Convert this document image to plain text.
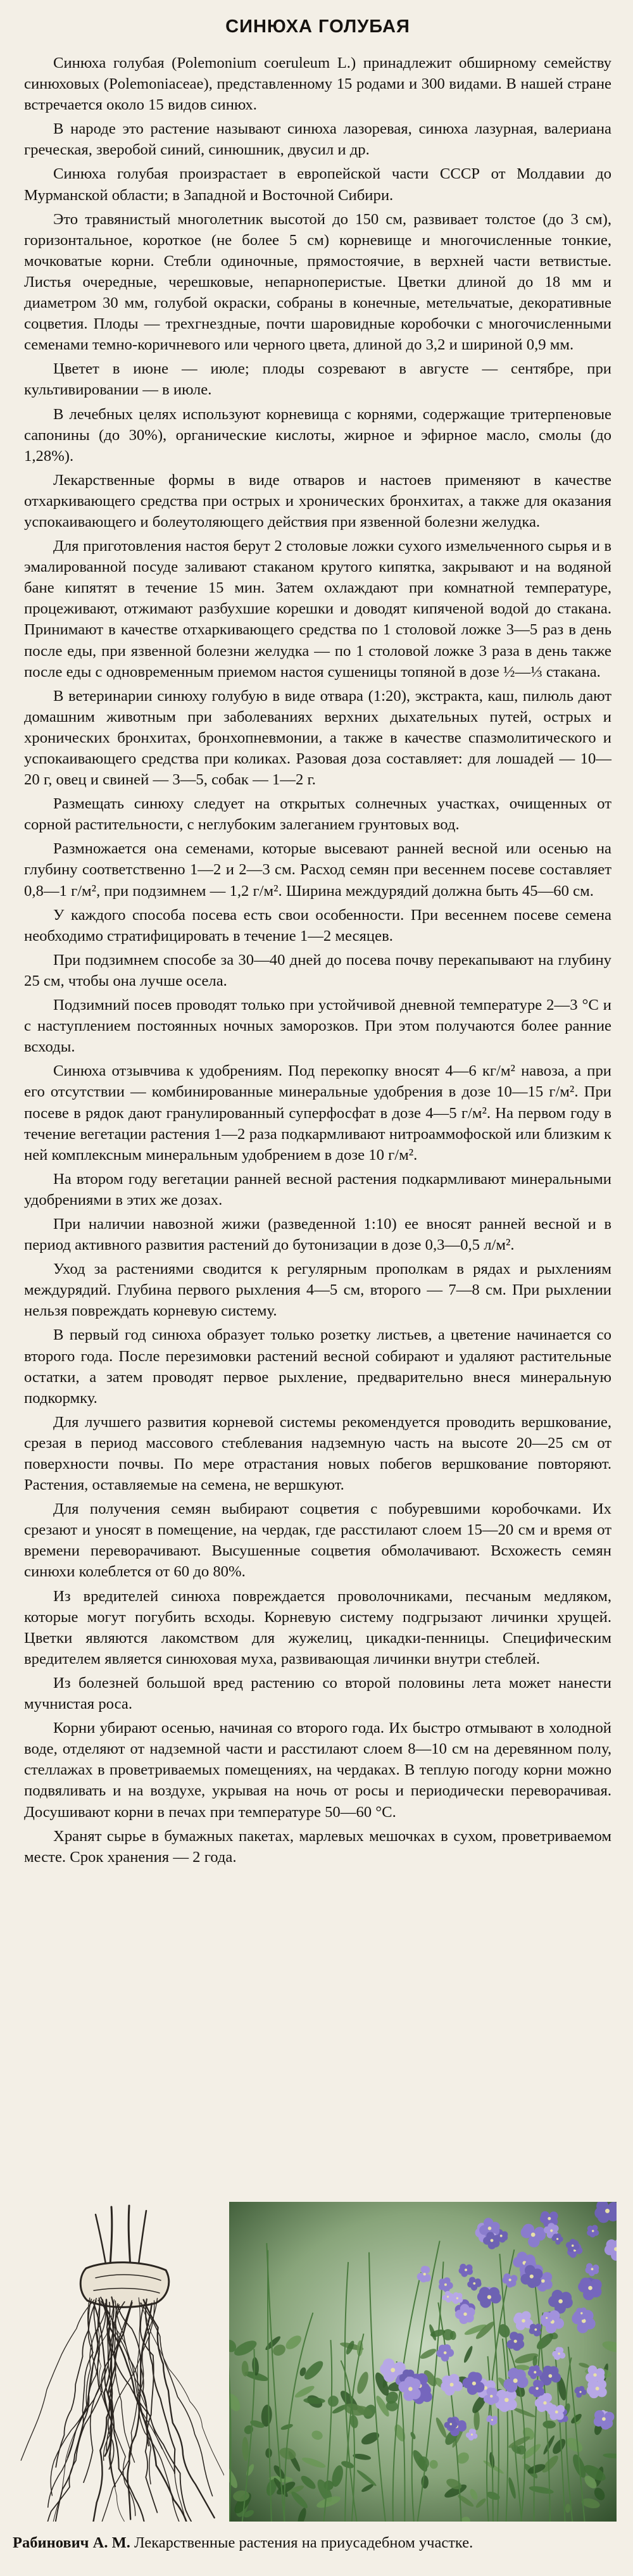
СИНЮХА ГОЛУБАЯ

Синюха голубая (Polemonium coeruleum L.) принадлежит обширному семейству синюховых (Polemoniaceae), представленному 15 родами и 300 видами. В нашей стране встречается около 15 видов синюх.

В народе это растение называют синюха лазоревая, синюха лазурная, валериана греческая, зверобой синий, синюшник, двусил и др.

Синюха голубая произрастает в европейской части СССР от Молдавии до Мурманской области; в Западной и Восточной Сибири.

Это травянистый многолетник высотой до 150 см, развивает толстое (до 3 см), горизонтальное, короткое (не более 5 см) корневище и многочисленные тонкие, мочковатые корни. Стебли одиночные, прямостоячие, в верхней части ветвистые. Листья очередные, черешковые, непарноперистые. Цветки длиной до 18 мм и диаметром 30 мм, голубой окраски, собраны в конечные, метельчатые, декоративные соцветия. Плоды — трехгнездные, почти шаровидные коробочки с многочисленными семенами темно-коричневого или черного цвета, длиной до 3,2 и шириной 0,9 мм.

Цветет в июне — июле; плоды созревают в августе — сентябре, при культивировании — в июле.

В лечебных целях используют корневища с корнями, содержащие тритерпеновые сапонины (до 30%), органические кислоты, жирное и эфирное масло, смолы (до 1,28%).

Лекарственные формы в виде отваров и настоев применяют в качестве отхаркивающего средства при острых и хронических бронхитах, а также для оказания успокаивающего и болеутоляющего действия при язвенной болезни желудка.

Для приготовления настоя берут 2 столовые ложки сухого измельченного сырья и в эмалированной посуде заливают стаканом крутого кипятка, закрывают и на водяной бане кипятят в течение 15 мин. Затем охлаждают при комнатной температуре, процеживают, отжимают разбухшие корешки и доводят кипяченой водой до стакана. Принимают в качестве отхаркивающего средства по 1 столовой ложке 3—5 раз в день после еды, при язвенной болезни желудка — по 1 столовой ложке 3 раза в день также после еды с одновременным приемом настоя сушеницы топяной в дозе ½—⅓ стакана.

В ветеринарии синюху голубую в виде отвара (1:20), экстракта, каш, пилюль дают домашним животным при заболеваниях верхних дыхательных путей, острых и хронических бронхитах, бронхопневмонии, а также в качестве спазмолитического и успокаивающего средства при коликах. Разовая доза составляет: для лошадей — 10—20 г, овец и свиней — 3—5, собак — 1—2 г.

Размещать синюху следует на открытых солнечных участках, очищенных от сорной растительности, с неглубоким залеганием грунтовых вод.

Размножается она семенами, которые высевают ранней весной или осенью на глубину соответственно 1—2 и 2—3 см. Расход семян при весеннем посеве составляет 0,8—1 г/м², при подзимнем — 1,2 г/м². Ширина междурядий должна быть 45—60 см.

У каждого способа посева есть свои особенности. При весеннем посеве семена необходимо стратифицировать в течение 1—2 месяцев.

При подзимнем способе за 30—40 дней до посева почву перекапывают на глубину 25 см, чтобы она лучше осела.

Подзимний посев проводят только при устойчивой дневной температуре 2—3 °C и с наступлением постоянных ночных заморозков. При этом получаются более ранние всходы.

Синюха отзывчива к удобрениям. Под перекопку вносят 4—6 кг/м² навоза, а при его отсутствии — комбинированные минеральные удобрения в дозе 10—15 г/м². При посеве в рядок дают гранулированный суперфосфат в дозе 4—5 г/м². На первом году в течение вегетации растения 1—2 раза подкармливают нитроаммофоской или близким к ней комплексным минеральным удобрением в дозе 10 г/м².

На втором году вегетации ранней весной растения подкармливают минеральными удобрениями в этих же дозах.

При наличии навозной жижи (разведенной 1:10) ее вносят ранней весной и в период активного развития растений до бутонизации в дозе 0,3—0,5 л/м².

Уход за растениями сводится к регулярным прополкам в рядах и рыхлениям междурядий. Глубина первого рыхления 4—5 см, второго — 7—8 см. При рыхлении нельзя повреждать корневую систему.

В первый год синюха образует только розетку листьев, а цветение начинается со второго года. После перезимовки растений весной собирают и удаляют растительные остатки, а затем проводят первое рыхление, предварительно внеся минеральную подкормку.

Для лучшего развития корневой системы рекомендуется проводить вершкование, срезая в период массового стеблевания надземную часть на высоте 20—25 см от поверхности почвы. По мере отрастания новых побегов вершкование повторяют. Растения, оставляемые на семена, не вершкуют.

Для получения семян выбирают соцветия с побуревшими коробочками. Их срезают и уносят в помещение, на чердак, где расстилают слоем 15—20 см и время от времени переворачивают. Высушенные соцветия обмолачивают. Всхожесть семян синюхи колеблется от 60 до 80%.

Из вредителей синюха повреждается проволочниками, песчаным медляком, которые могут погубить всходы. Корневую систему подгрызают личинки хрущей. Цветки являются лакомством для жужелиц, цикадки-пенницы. Специфическим вредителем является синюховая муха, развивающая личинки внутри стеблей.

Из болезней большой вред растению со второй половины лета может нанести мучнистая роса.

Корни убирают осенью, начиная со второго года. Их быстро отмывают в холодной воде, отделяют от надземной части и расстилают слоем 8—10 см на деревянном полу, стеллажах в проветриваемых помещениях, на чердаках. В теплую погоду корни можно подвяливать и на воздухе, укрывая на ночь от росы и периодически переворачивая. Досушивают корни в печах при температуре 50—60 °C.

Хранят сырье в бумажных пакетах, марлевых мешочках в сухом, проветриваемом месте. Срок хранения — 2 года.

Рабинович А. М. Лекарственные растения на приусадебном участке.
